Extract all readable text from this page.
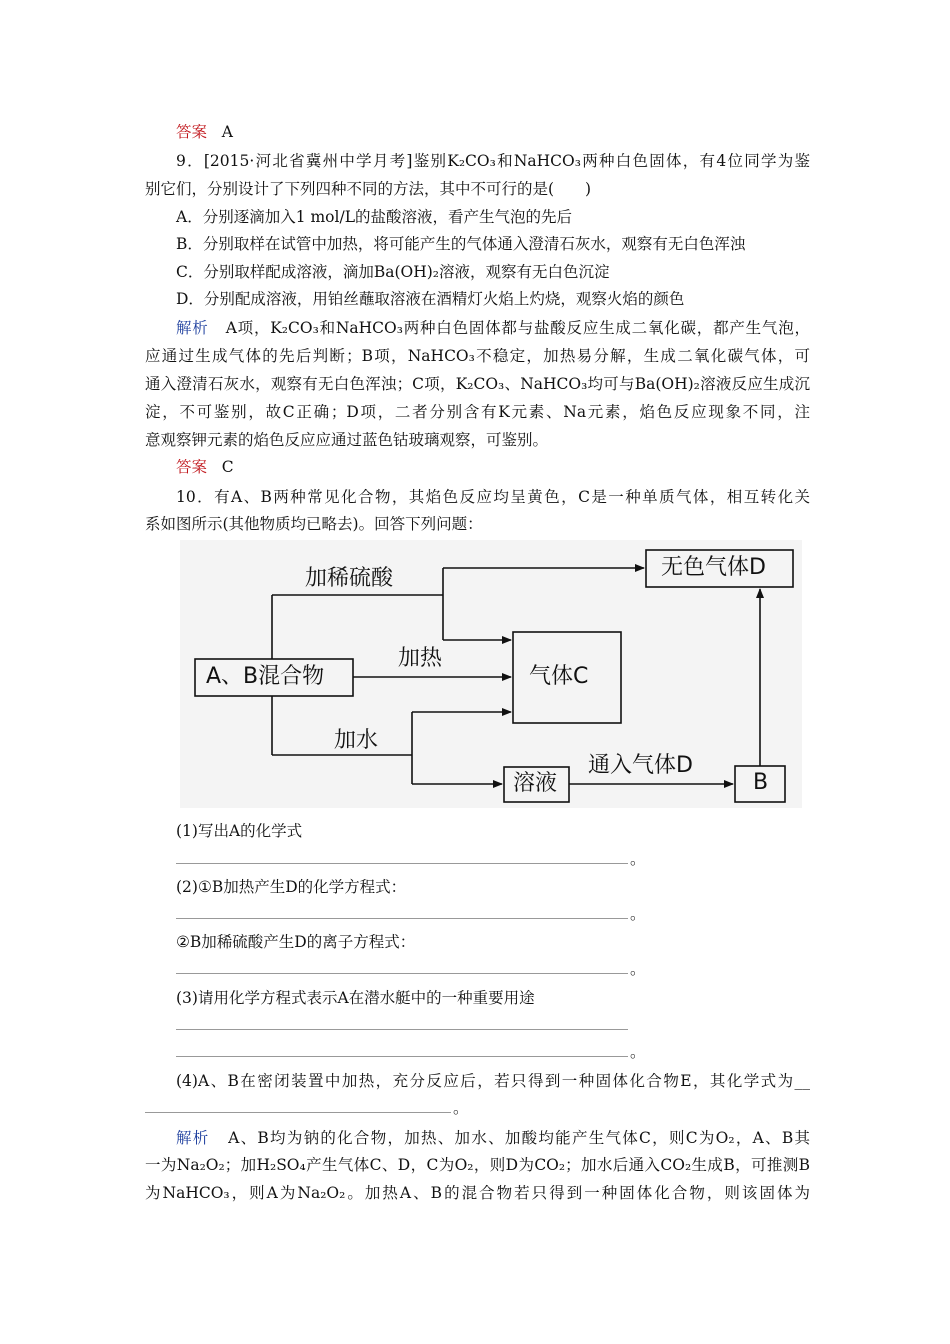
答案 A
9．[2015·河北省冀州中学月考]鉴别K₂CO₃和NaHCO₃两种白色固体，有4位同学为鉴
别它们，分别设计了下列四种不同的方法，其中不可行的是(　　)
A．分别逐滴加入1 mol/L的盐酸溶液，看产生气泡的先后
B．分别取样在试管中加热，将可能产生的气体通入澄清石灰水，观察有无白色浑浊
C．分别取样配成溶液，滴加Ba(OH)₂溶液，观察有无白色沉淀
D．分别配成溶液，用铂丝蘸取溶液在酒精灯火焰上灼烧，观察火焰的颜色
解析 A项，K₂CO₃和NaHCO₃两种白色固体都与盐酸反应生成二氧化碳，都产生气泡，
应通过生成气体的先后判断；B项，NaHCO₃不稳定，加热易分解，生成二氧化碳气体，可
通入澄清石灰水，观察有无白色浑浊；C项，K₂CO₃、NaHCO₃均可与Ba(OH)₂溶液反应生成沉
淀，不可鉴别，故C正确；D项，二者分别含有K元素、Na元素，焰色反应现象不同，注
意观察钾元素的焰色反应应通过蓝色钴玻璃观察，可鉴别。
答案 C
10．有A、B两种常见化合物，其焰色反应均呈黄色，C是一种单质气体，相互转化关
系如图所示(其他物质均已略去)。回答下列问题：
A、B混合物	气体C
无色气体D
溶液	B
加稀硫酸
加热
加水
通入气体D
(1)写出A的化学式
。
(2)①B加热产生D的化学方程式：
。
②B加稀硫酸产生D的离子方程式：
。
(3)请用化学方程式表示A在潜水艇中的一种重要用途
。
(4)A、B在密闭装置中加热，充分反应后，若只得到一种固体化合物E，其化学式为__
。
解析 A、B均为钠的化合物，加热、加水、加酸均能产生气体C，则C为O₂，A、B其
一为Na₂O₂；加H₂SO₄产生气体C、D，C为O₂，则D为CO₂；加水后通入CO₂生成B，可推测B
为NaHCO₃，则A为Na₂O₂。加热A、B的混合物若只得到一种固体化合物，则该固体为
